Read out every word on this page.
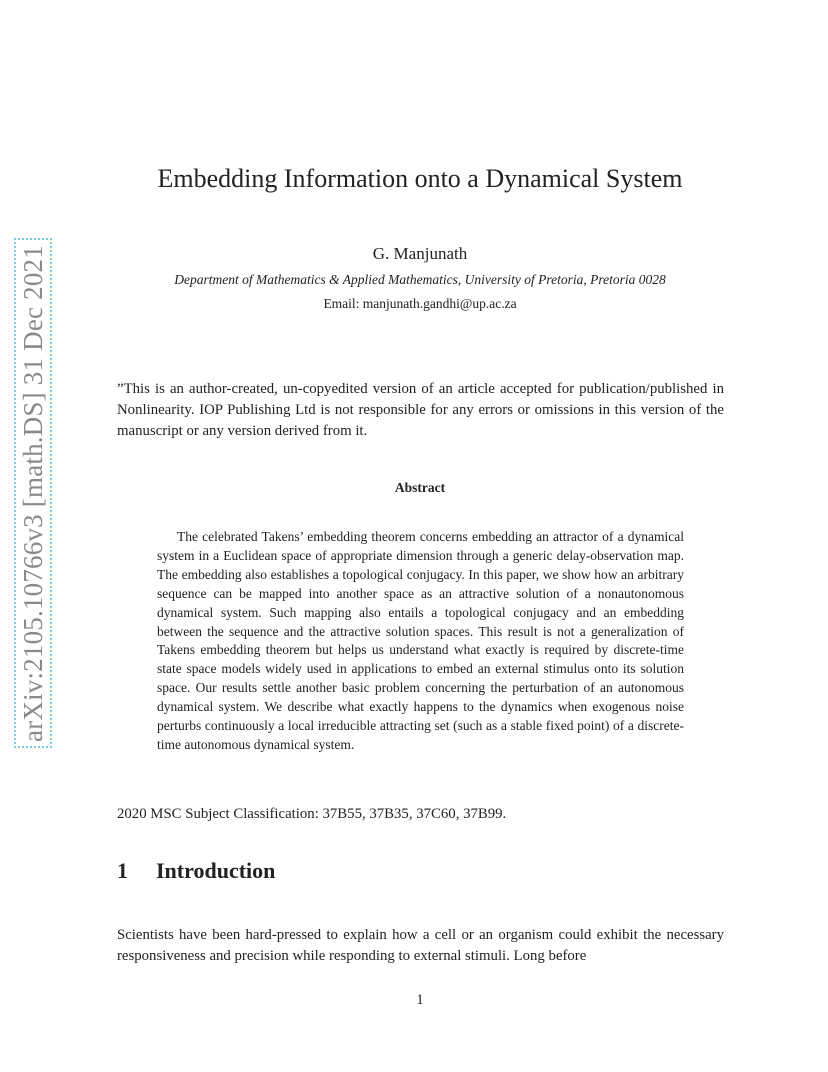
arXiv:2105.10766v3 [math.DS] 31 Dec 2021
Embedding Information onto a Dynamical System
G. Manjunath
Department of Mathematics & Applied Mathematics, University of Pretoria, Pretoria 0028
Email: manjunath.gandhi@up.ac.za

”This is an author-created, un-copyedited version of an article accepted for publication/published in Nonlinearity. IOP Publishing Ltd is not responsible for any errors or omissions in this version of the manuscript or any version derived from it.

Abstract

The celebrated Takens’ embedding theorem concerns embedding an attractor of a dynamical system in a Euclidean space of appropriate dimension through a generic delay-observation map. The embedding also establishes a topological conjugacy. In this paper, we show how an arbitrary sequence can be mapped into another space as an attractive solution of a nonautonomous dynamical system. Such mapping also entails a topological conjugacy and an embedding between the sequence and the attractive solution spaces. This result is not a generalization of Takens embedding theorem but helps us understand what exactly is required by discrete-time state space models widely used in applications to embed an external stimulus onto its solution space. Our results settle another basic problem concerning the perturbation of an autonomous dynamical system. We describe what exactly happens to the dynamics when exogenous noise perturbs continuously a local irreducible attracting set (such as a stable fixed point) of a discrete-time autonomous dynamical system.

2020 MSC Subject Classification: 37B55, 37B35, 37C60, 37B99.

1 Introduction

Scientists have been hard-pressed to explain how a cell or an organism could exhibit the necessary responsiveness and precision while responding to external stimuli. Long before

1
